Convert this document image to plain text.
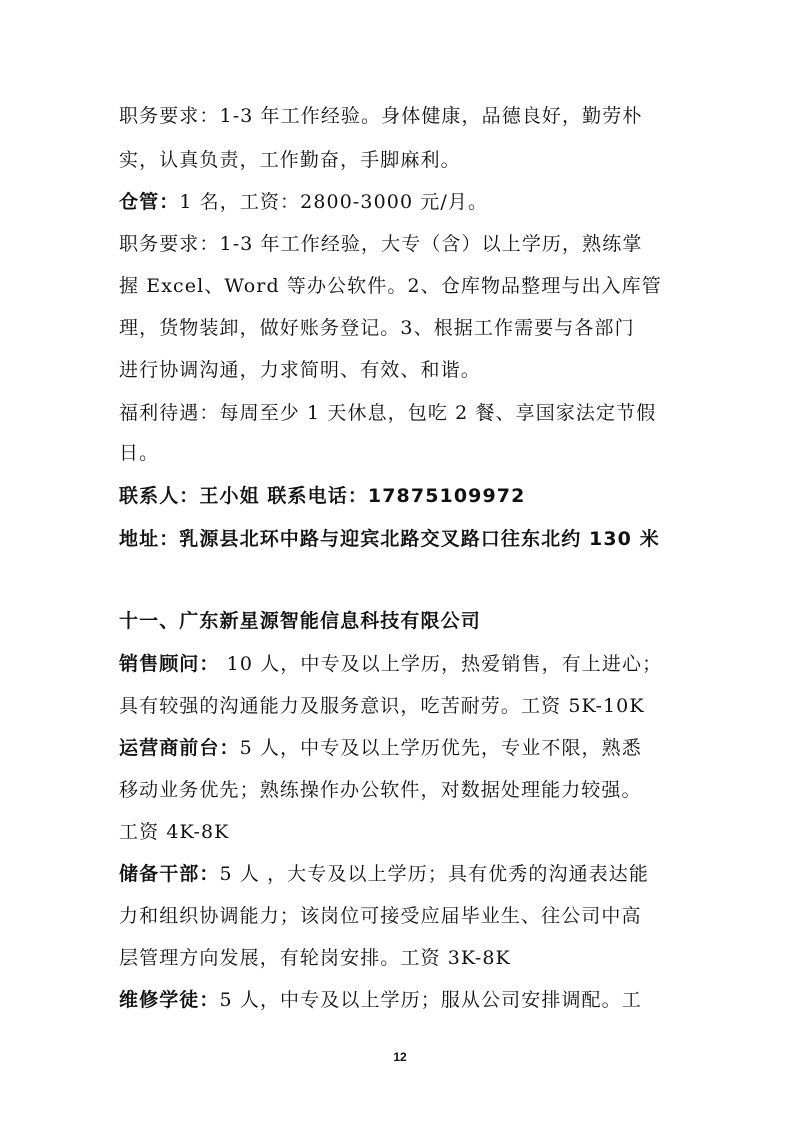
职务要求：1-3 年工作经验。身体健康，品德良好，勤劳朴
实，认真负责，工作勤奋，手脚麻利。
仓管：1 名，工资：2800-3000 元/月。
职务要求：1-3 年工作经验，大专（含）以上学历，熟练掌
握 Excel、Word 等办公软件。2、仓库物品整理与出入库管
理，货物装卸，做好账务登记。3、根据工作需要与各部门
进行协调沟通，力求简明、有效、和谐。
福利待遇：每周至少 1 天休息，包吃 2 餐、享国家法定节假
日。
联系人：王小姐 联系电话：17875109972
地址：乳源县北环中路与迎宾北路交叉路口往东北约 130 米
十一、广东新星源智能信息科技有限公司
销售顾问： 10 人，中专及以上学历，热爱销售，有上进心；
具有较强的沟通能力及服务意识，吃苦耐劳。工资 5K-10K
运营商前台：5 人，中专及以上学历优先，专业不限，熟悉
移动业务优先；熟练操作办公软件，对数据处理能力较强。
工资 4K-8K
储备干部：5 人 ，大专及以上学历；具有优秀的沟通表达能
力和组织协调能力；该岗位可接受应届毕业生、往公司中高
层管理方向发展，有轮岗安排。工资 3K-8K
维修学徒：5 人，中专及以上学历；服从公司安排调配。工
12
